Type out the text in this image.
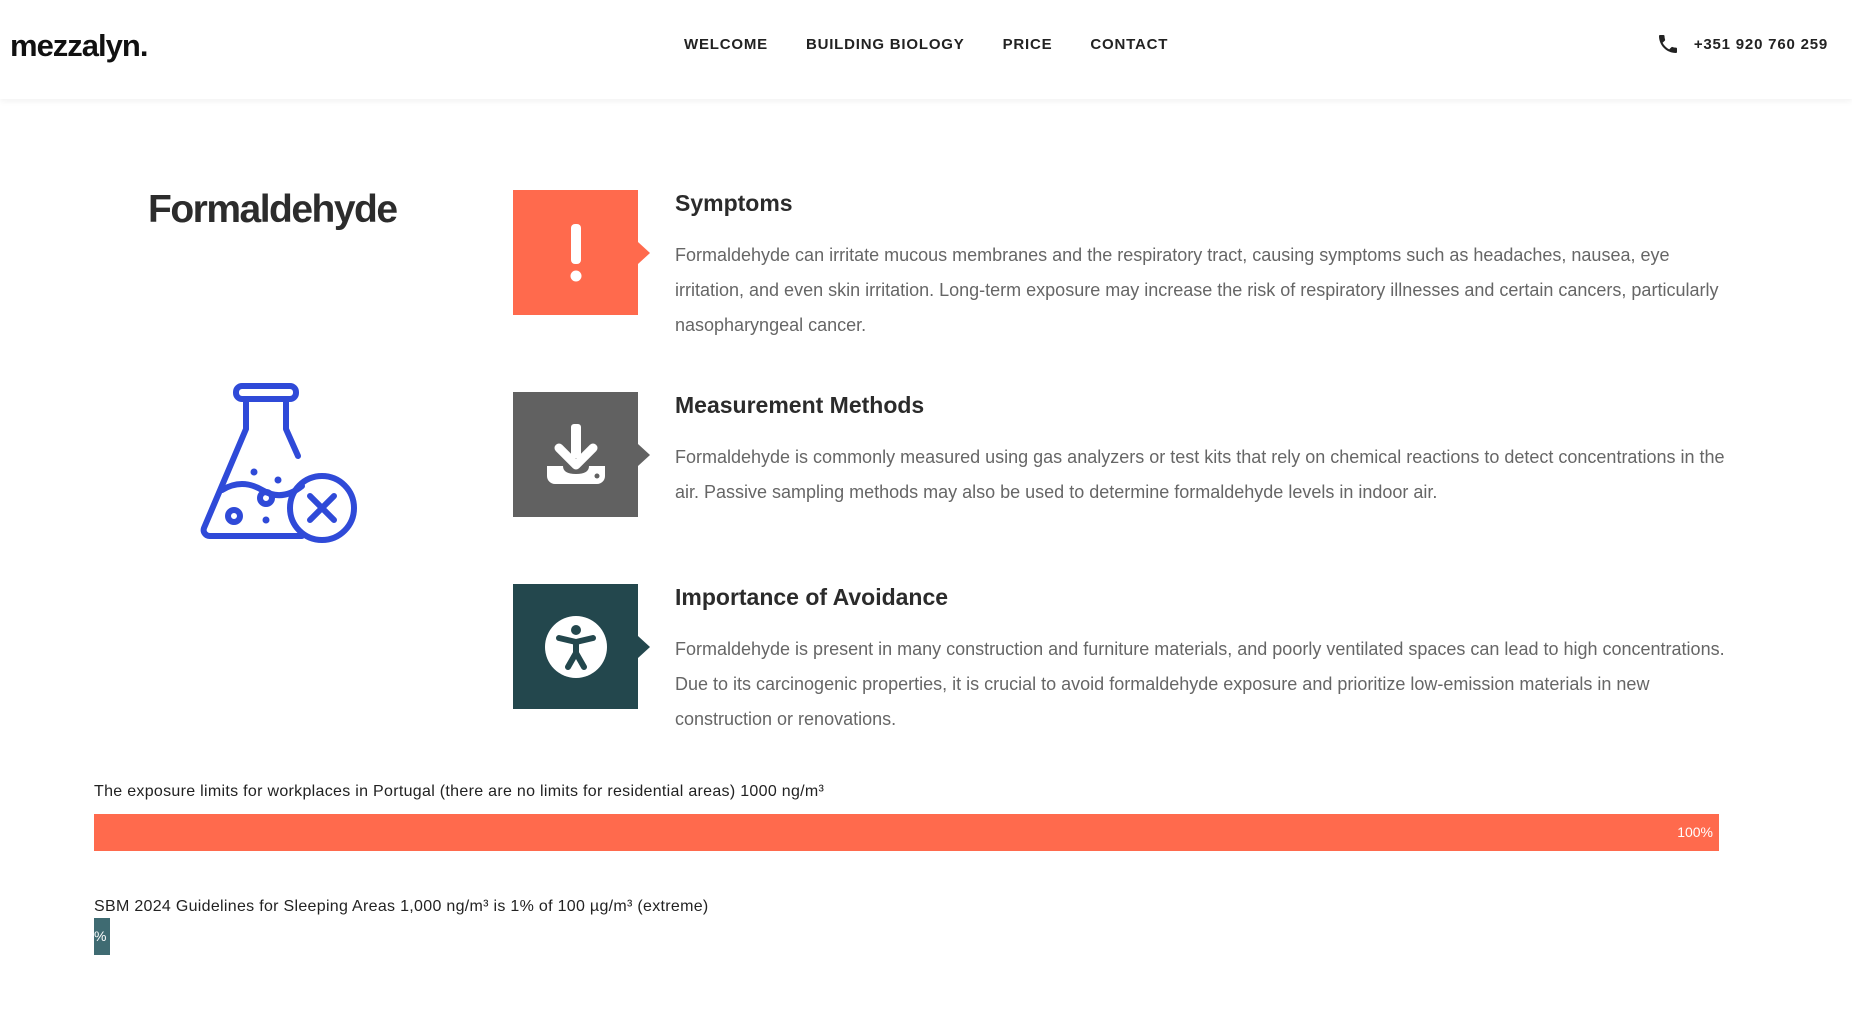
mezzalyn.	WELCOME	BUILDING BIOLOGY	PRICE	CONTACT	+351 920 760 259
Formaldehyde	Symptoms

Formaldehyde can irritate mucous membranes and the respiratory tract, causing symptoms such as headaches, nausea, eye irritation, and even skin irritation. Long-term exposure may increase the risk of respiratory illnesses and certain cancers, particularly nasopharyngeal cancer.

Measurement Methods

Formaldehyde is commonly measured using gas analyzers or test kits that rely on chemical reactions to detect concentrations in the air. Passive sampling methods may also be used to determine formaldehyde levels in indoor air.

Importance of Avoidance

Formaldehyde is present in many construction and furniture materials, and poorly ventilated spaces can lead to high concentrations. Due to its carcinogenic properties, it is crucial to avoid formaldehyde exposure and prioritize low-emission materials in new construction or renovations.

The exposure limits for workplaces in Portugal (there are no limits for residential areas) 1000 ng/m³
100%
SBM 2024 Guidelines for Sleeping Areas 1,000 ng/m³ is 1% of 100 µg/m³ (extreme)
%
